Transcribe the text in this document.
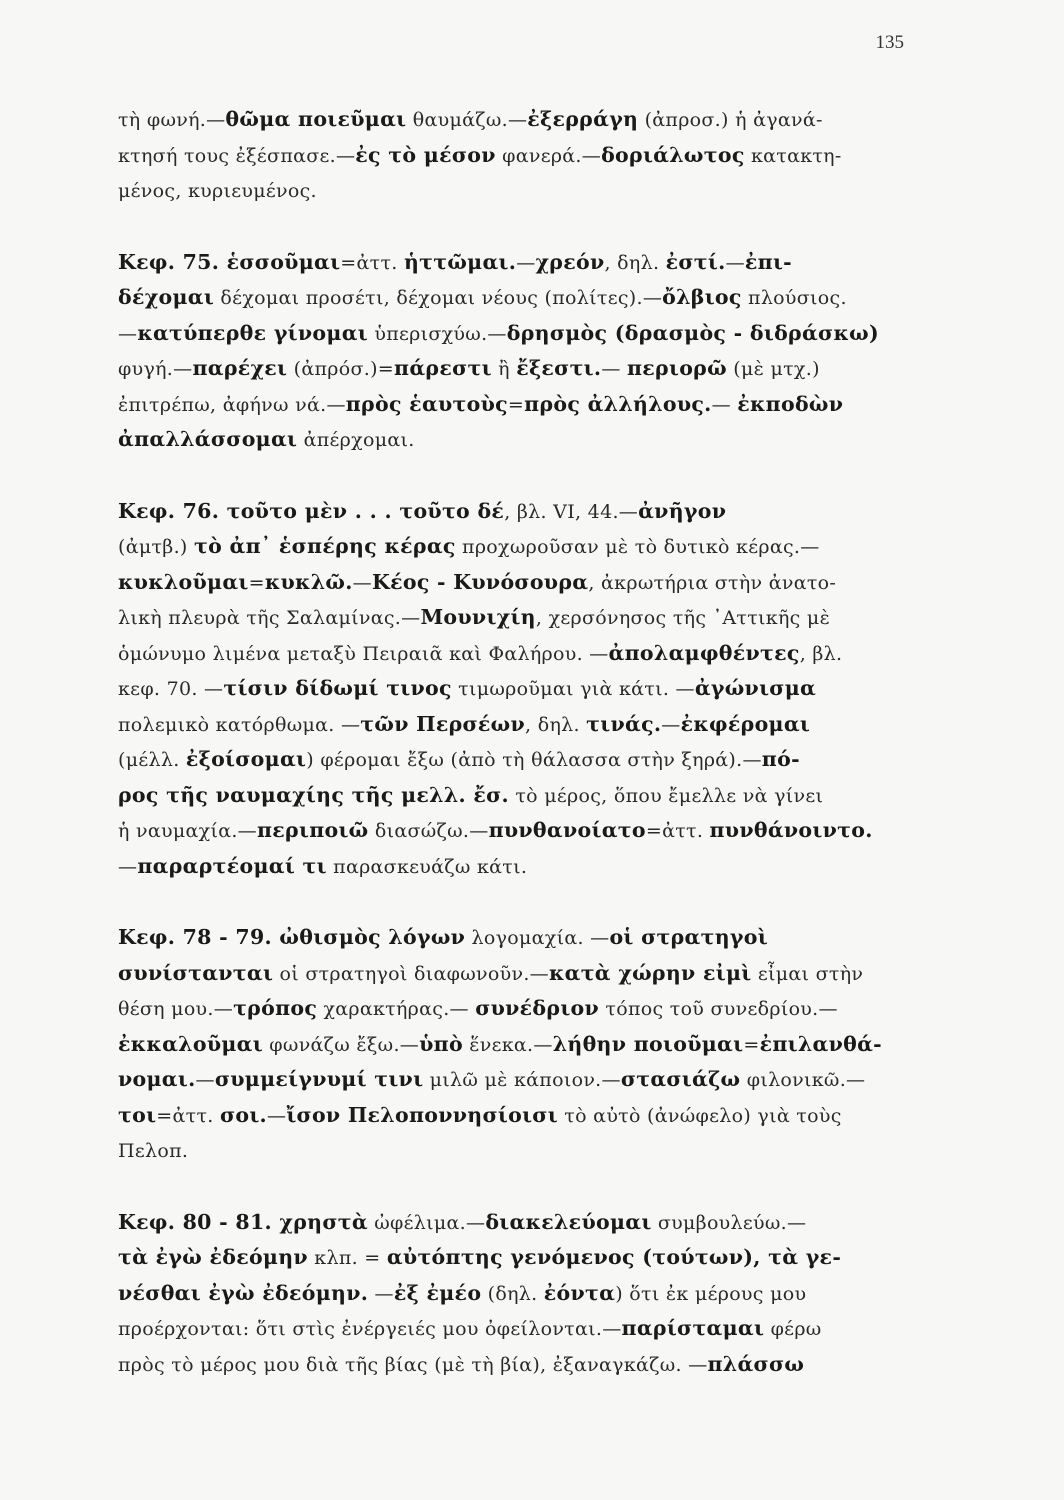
135
τὴ φωνή.—θῶμα ποιεῦμαι θαυμάζω.—ἐξερράγη (ἀπροσ.) ἡ ἀγανά-
κτησή τους ἐξέσπασε.—ἐς τὸ μέσον φανερά.—δοριάλωτος κατακτη-
μένος, κυριευμένος.
Κεφ. 75. ἑσσοῦμαι=ἀττ. ἡττῶμαι.—χρεόν, δηλ. ἐστί.—ἐπι-
δέχομαι δέχομαι προσέτι, δέχομαι νέους (πολίτες).—ὄλβιος πλούσιος.
—κατύπερθε γίνομαι ὑπερισχύω.—δρησμὸς (δρασμὸς - διδράσκω)
φυγή.—παρέχει (ἀπρόσ.)=πάρεστι ἢ ἔξεστι.— περιορῶ (μὲ μτχ.)
ἐπιτρέπω, ἀφήνω νά.—πρὸς ἑαυτοὺς=πρὸς ἀλλήλους.— ἐκποδὼν
ἀπαλλάσσομαι ἀπέρχομαι.
Κεφ. 76. τοῦτο μὲν . . . τοῦτο δέ, βλ. VI, 44.—ἀνῆγον
(ἀμτβ.) τὸ ἀπ᾿ ἑσπέρης κέρας προχωροῦσαν μὲ τὸ δυτικὸ κέρας.—
κυκλοῦμαι=κυκλῶ.—Κέος - Κυνόσουρα, ἀκρωτήρια στὴν ἀνατο-
λικὴ πλευρὰ τῆς Σαλαμίνας.—Μουνιχίη, χερσόνησος τῆς ᾿Αττικῆς μὲ
ὁμώνυμο λιμένα μεταξὺ Πειραιᾶ καὶ Φαλήρου. —ἀπολαμφθέντες, βλ.
κεφ. 70. —τίσιν δίδωμί τινος τιμωροῦμαι γιὰ κάτι. —ἀγώνισμα
πολεμικὸ κατόρθωμα. —τῶν Περσέων, δηλ. τινάς.—ἐκφέρομαι
(μέλλ. ἐξοίσομαι) φέρομαι ἔξω (ἀπὸ τὴ θάλασσα στὴν ξηρά).—πό-
ρος τῆς ναυμαχίης τῆς μελλ. ἔσ. τὸ μέρος, ὅπου ἔμελλε νὰ γίνει
ἡ ναυμαχία.—περιποιῶ διασώζω.—πυνθανοίατο=ἀττ. πυνθάνοιντο.
—παραρτέομαί τι παρασκευάζω κάτι.
Κεφ. 78 - 79. ὠθισμὸς λόγων λογομαχία. —οἱ στρατηγοὶ
συνίστανται οἱ στρατηγοὶ διαφωνοῦν.—κατὰ χώρην εἰμὶ εἶμαι στὴν
θέση μου.—τρόπος χαρακτήρας.— συνέδριον τόπος τοῦ συνεδρίου.—
ἐκκαλοῦμαι φωνάζω ἔξω.—ὑπὸ ἕνεκα.—λήθην ποιοῦμαι=ἐπιλανθά-
νομαι.—συμμείγνυμί τινι μιλῶ μὲ κάποιον.—στασιάζω φιλονικῶ.—
τοι=ἀττ. σοι.—ἴσον Πελοποννησίοισι τὸ αὐτὸ (ἀνώφελο) γιὰ τοὺς
Πελοπ.
Κεφ. 80 - 81. χρηστὰ ὠφέλιμα.—διακελεύομαι συμβουλεύω.—
τὰ ἐγὼ ἐδεόμην κλπ. = αὐτόπτης γενόμενος (τούτων), τὰ γε-
νέσθαι ἐγὼ ἐδεόμην. —ἐξ ἐμέο (δηλ. ἐόντα) ὅτι ἐκ μέρους μου
προέρχονται: ὅτι στὶς ἐνέργειές μου ὀφείλονται.—παρίσταμαι φέρω
πρὸς τὸ μέρος μου διὰ τῆς βίας (μὲ τὴ βία), ἐξαναγκάζω. —πλάσσω
